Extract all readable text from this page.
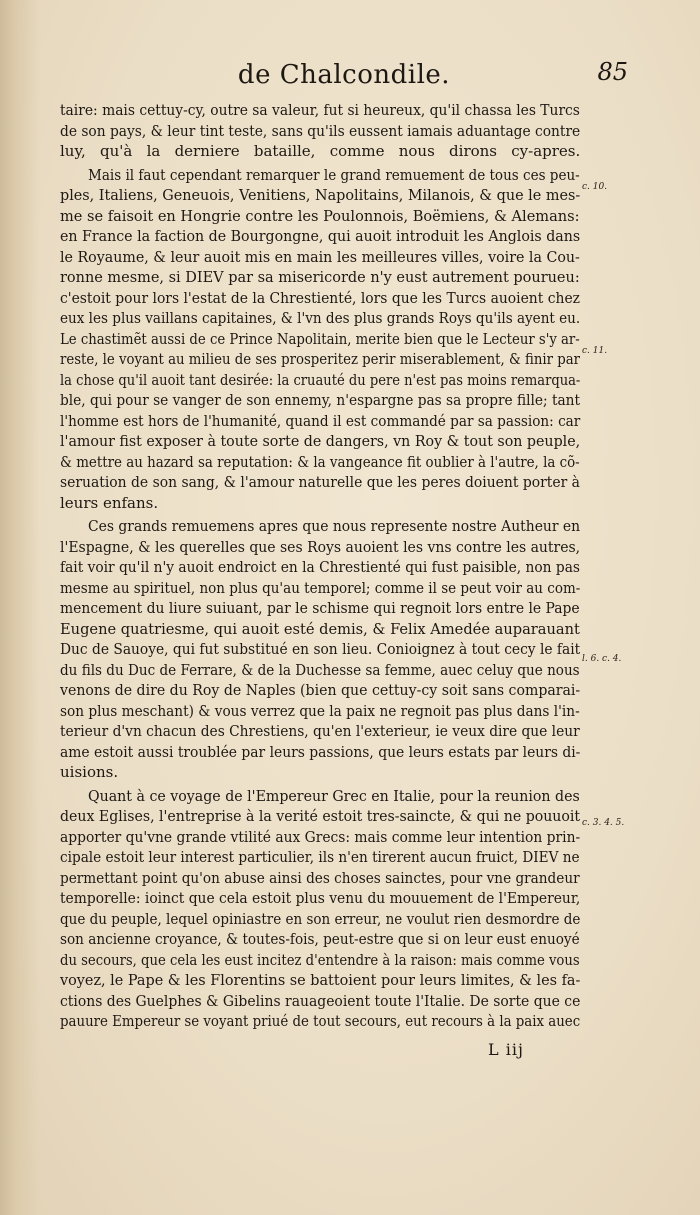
de Chalcondile.	85
taire: mais cettuy-cy, outre sa valeur, fut si heureux, qu'il chassa les Turcs
de son pays, & leur tint teste, sans qu'ils eussent iamais aduantage contre
luy, qu'à la derniere bataille, comme nous dirons cy-apres.
Mais il faut cependant remarquer le grand remuement de tous ces peu-
ples, Italiens, Geneuois, Venitiens, Napolitains, Milanois, & que le mes-
me se faisoit en Hongrie contre les Poulonnois, Boëmiens, & Alemans:
en France la faction de Bourgongne, qui auoit introduit les Anglois dans
le Royaume, & leur auoit mis en main les meilleures villes, voire la Cou-
ronne mesme, si DIEV par sa misericorde n'y eust autrement pourueu:
c'estoit pour lors l'estat de la Chrestienté, lors que les Turcs auoient chez
eux les plus vaillans capitaines, & l'vn des plus grands Roys qu'ils ayent eu.
Le chastimẽt aussi de ce Prince Napolitain, merite bien que le Lecteur s'y ar-
reste, le voyant au milieu de ses prosperitez perir miserablement, & finir par
la chose qu'il auoit tant desirée: la cruauté du pere n'est pas moins remarqua-
ble, qui pour se vanger de son ennemy, n'espargne pas sa propre fille; tant
l'homme est hors de l'humanité, quand il est commandé par sa passion: car
l'amour fist exposer à toute sorte de dangers, vn Roy & tout son peuple,
& mettre au hazard sa reputation: & la vangeance fit oublier à l'autre, la cõ-
seruation de son sang, & l'amour naturelle que les peres doiuent porter à
leurs enfans.
Ces grands remuemens apres que nous represente nostre Autheur en
l'Espagne, & les querelles que ses Roys auoient les vns contre les autres,
fait voir qu'il n'y auoit endroict en la Chrestienté qui fust paisible, non pas
mesme au spirituel, non plus qu'au temporel; comme il se peut voir au com-
mencement du liure suiuant, par le schisme qui regnoit lors entre le Pape
Eugene quatriesme, qui auoit esté demis, & Felix Amedée auparauant
Duc de Sauoye, qui fut substitué en son lieu. Conioignez à tout cecy le fait
du fils du Duc de Ferrare, & de la Duchesse sa femme, auec celuy que nous
venons de dire du Roy de Naples (bien que cettuy-cy soit sans comparai-
son plus meschant) & vous verrez que la paix ne regnoit pas plus dans l'in-
terieur d'vn chacun des Chrestiens, qu'en l'exterieur, ie veux dire que leur
ame estoit aussi troublée par leurs passions, que leurs estats par leurs di-
uisions.
Quant à ce voyage de l'Empereur Grec en Italie, pour la reunion des
deux Eglises, l'entreprise à la verité estoit tres-saincte, & qui ne pouuoit
apporter qu'vne grande vtilité aux Grecs: mais comme leur intention prin-
cipale estoit leur interest particulier, ils n'en tirerent aucun fruict, DIEV ne
permettant point qu'on abuse ainsi des choses sainctes, pour vne grandeur
temporelle: ioinct que cela estoit plus venu du mouuement de l'Empereur,
que du peuple, lequel opiniastre en son erreur, ne voulut rien desmordre de
son ancienne croyance, & toutes-fois, peut-estre que si on leur eust enuoyé
du secours, que cela les eust incitez d'entendre à la raison: mais comme vous
voyez, le Pape & les Florentins se battoient pour leurs limites, & les fa-
ctions des Guelphes & Gibelins rauageoient toute l'Italie. De sorte que ce
pauure Empereur se voyant priué de tout secours, eut recours à la paix auec
c. 10.
c. 11.
l. 6. c. 4.
c. 3. 4. 5.
L iij
